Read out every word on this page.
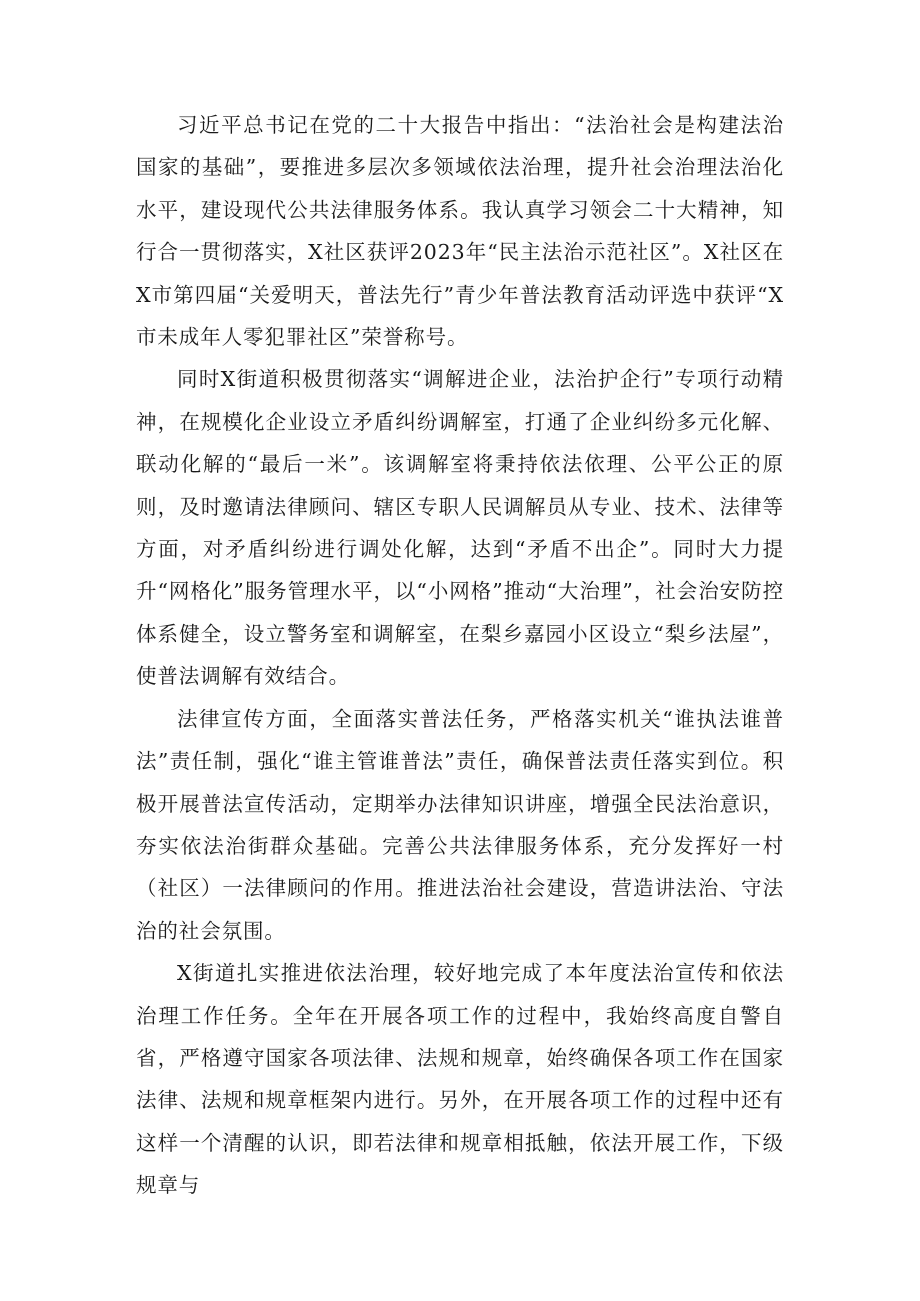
习近平总书记在党的二十大报告中指出：“法治社会是构建法治国家的基础”，要推进多层次多领域依法治理，提升社会治理法治化水平，建设现代公共法律服务体系。我认真学习领会二十大精神，知行合一贯彻落实，X社区获评2023年“民主法治示范社区”。X社区在X市第四届“关爱明天，普法先行”青少年普法教育活动评选中获评“X市未成年人零犯罪社区”荣誉称号。

同时X街道积极贯彻落实“调解进企业，法治护企行”专项行动精神，在规模化企业设立矛盾纠纷调解室，打通了企业纠纷多元化解、联动化解的“最后一米”。该调解室将秉持依法依理、公平公正的原则，及时邀请法律顾问、辖区专职人民调解员从专业、技术、法律等方面，对矛盾纠纷进行调处化解，达到“矛盾不出企”。同时大力提升“网格化”服务管理水平，以“小网格”推动“大治理”，社会治安防控体系健全，设立警务室和调解室，在梨乡嘉园小区设立“梨乡法屋”，使普法调解有效结合。

法律宣传方面，全面落实普法任务，严格落实机关“谁执法谁普法”责任制，强化“谁主管谁普法”责任，确保普法责任落实到位。积极开展普法宣传活动，定期举办法律知识讲座，增强全民法治意识，夯实依法治街群众基础。完善公共法律服务体系，充分发挥好一村（社区）一法律顾问的作用。推进法治社会建设，营造讲法治、守法治的社会氛围。

X街道扎实推进依法治理，较好地完成了本年度法治宣传和依法治理工作任务。全年在开展各项工作的过程中，我始终高度自警自省，严格遵守国家各项法律、法规和规章，始终确保各项工作在国家法律、法规和规章框架内进行。另外，在开展各项工作的过程中还有这样一个清醒的认识，即若法律和规章相抵触，依法开展工作，下级规章与
